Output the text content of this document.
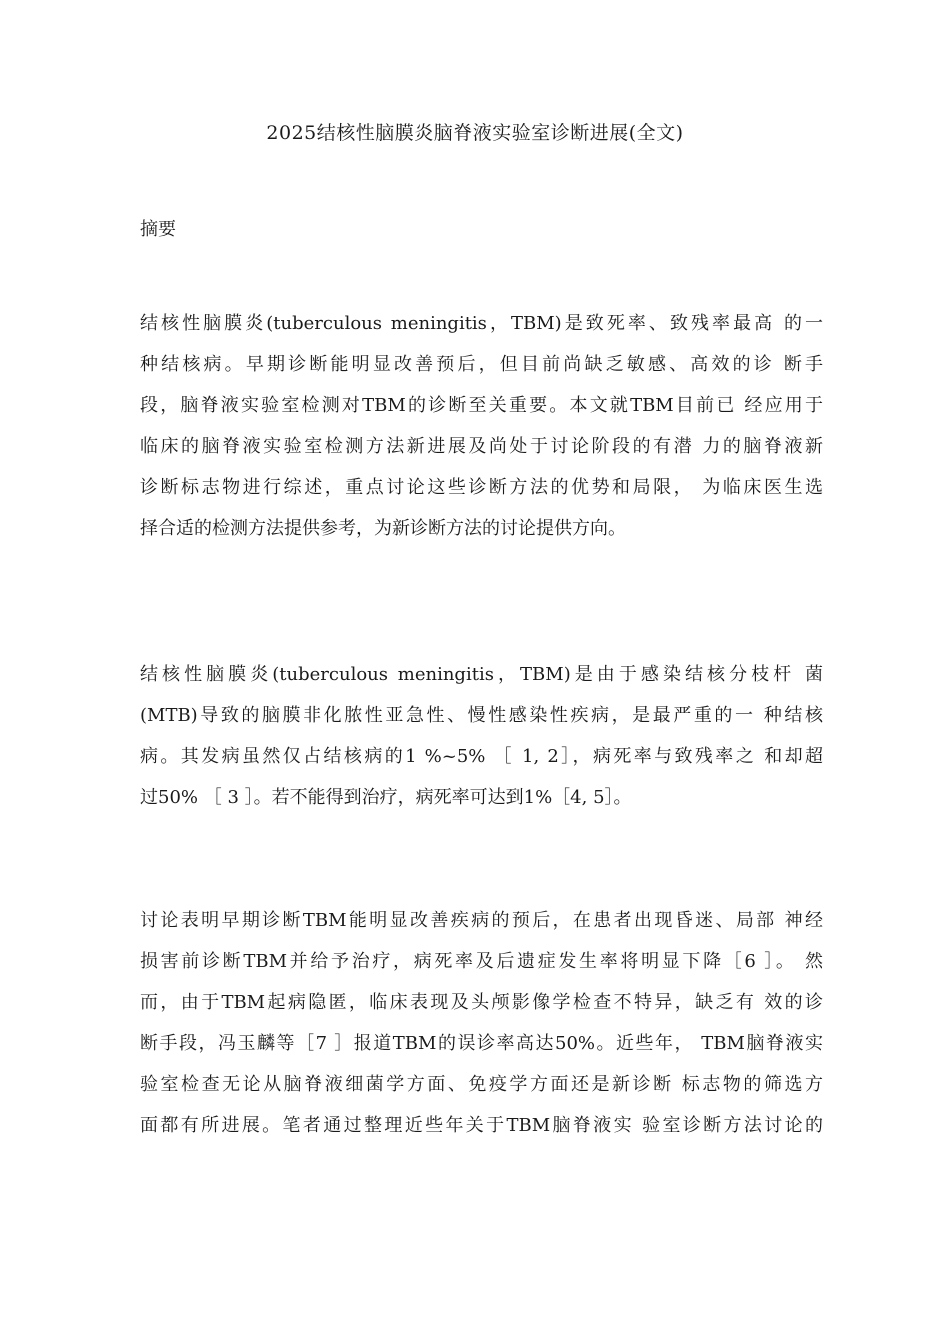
2025结核性脑膜炎脑脊液实验室诊断进展(全文)
摘要
结核性脑膜炎(tuberculous meningitis，TBM)是致死率、致残率最高 的一
种结核病。早期诊断能明显改善预后，但目前尚缺乏敏感、高效的诊 断手
段，脑脊液实验室检测对TBM的诊断至关重要。本文就TBM目前已 经应用于
临床的脑脊液实验室检测方法新进展及尚处于讨论阶段的有潜 力的脑脊液新
诊断标志物进行综述，重点讨论这些诊断方法的优势和局限， 为临床医生选
择合适的检测方法提供参考，为新诊断方法的讨论提供方向。
结核性脑膜炎(tuberculous meningitis，TBM)是由于感染结核分枝杆 菌
(MTB)导致的脑膜非化脓性亚急性、慢性感染性疾病，是最严重的一 种结核
病。其发病虽然仅占结核病的1 %~5% ［ 1, 2］，病死率与致残率之 和却超
过50% ［ 3 ］。若不能得到治疗，病死率可达到1%［4, 5］。
讨论表明早期诊断TBM能明显改善疾病的预后，在患者出现昏迷、局部 神经
损害前诊断TBM并给予治疗，病死率及后遗症发生率将明显下降［6 ］。 然
而，由于TBM起病隐匿，临床表现及头颅影像学检查不特异，缺乏有 效的诊
断手段，冯玉麟等［7 ］报道TBM的误诊率高达50%。近些年， TBM脑脊液实
验室检查无论从脑脊液细菌学方面、免疫学方面还是新诊断 标志物的筛选方
面都有所进展。笔者通过整理近些年关于TBM脑脊液实 验室诊断方法讨论的
